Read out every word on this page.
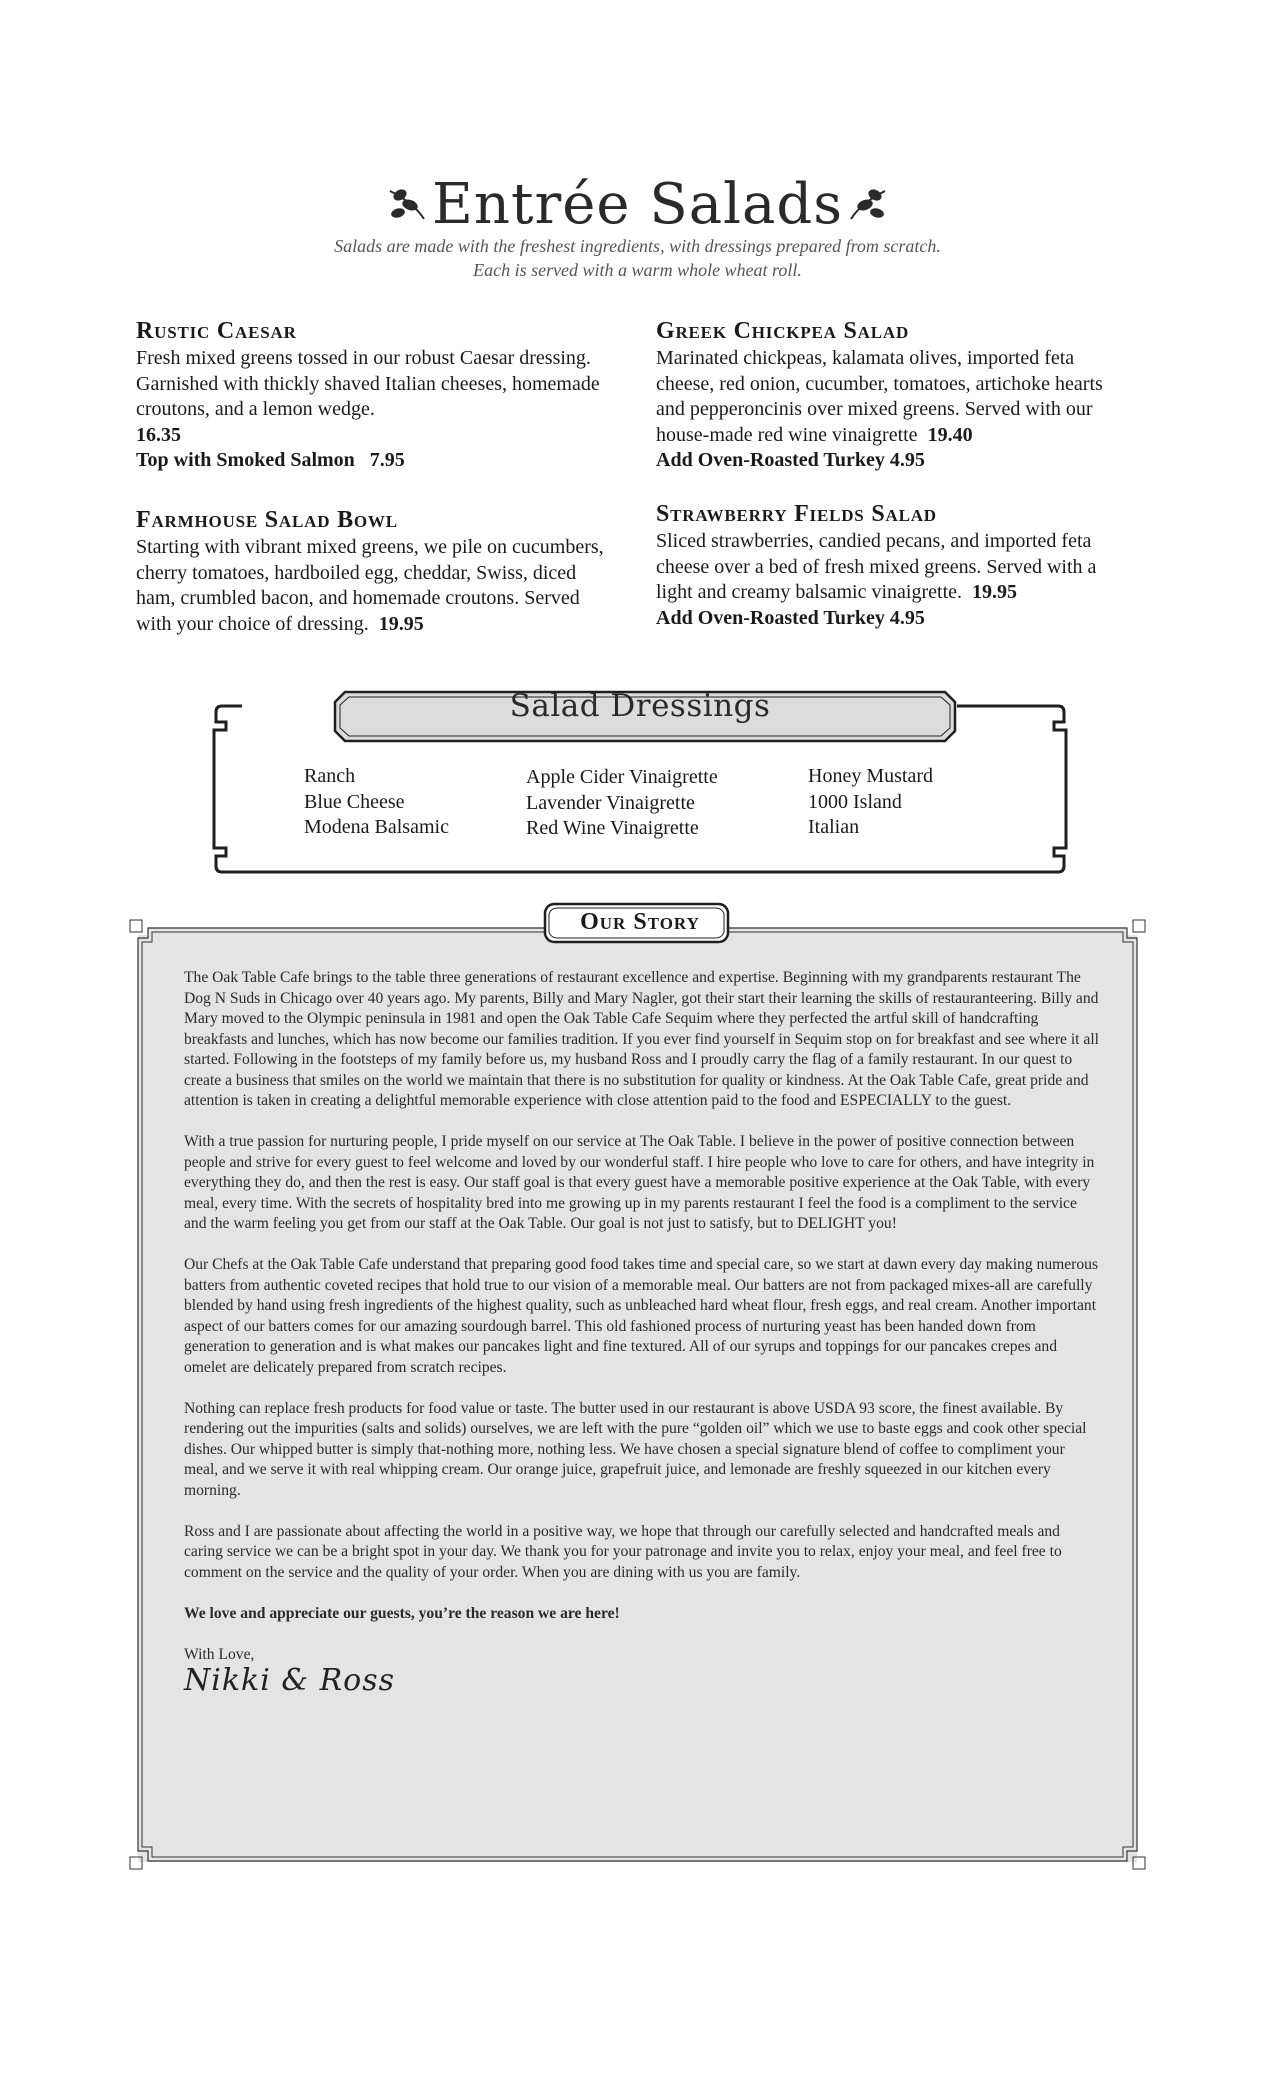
Entrée Salads
Salads are made with the freshest ingredients, with dressings prepared from scratch.
Each is served with a warm whole wheat roll.
Rustic Caesar
Fresh mixed greens tossed in our robust Caesar dressing. Garnished with thickly shaved Italian cheeses, homemade croutons, and a lemon wedge.
16.35
Top with Smoked Salmon   7.95
Farmhouse Salad Bowl
Starting with vibrant mixed greens, we pile on cucumbers, cherry tomatoes, hardboiled egg, cheddar, Swiss, diced ham, crumbled bacon, and homemade croutons. Served with your choice of dressing. 19.95
Greek Chickpea Salad
Marinated chickpeas, kalamata olives, imported feta cheese, red onion, cucumber, tomatoes, artichoke hearts and pepperoncinis over mixed greens. Served with our house-made red wine vinaigrette 19.40
Add Oven-Roasted Turkey 4.95
Strawberry Fields Salad
Sliced strawberries, candied pecans, and imported feta cheese over a bed of fresh mixed greens. Served with a light and creamy balsamic vinaigrette. 19.95
Add Oven-Roasted Turkey 4.95
Salad Dressings
Ranch
Blue Cheese
Modena Balsamic
Apple Cider Vinaigrette
Lavender Vinaigrette
Red Wine Vinaigrette
Honey Mustard
1000 Island
Italian
Our Story

The Oak Table Cafe brings to the table three generations of restaurant excellence and expertise. Beginning with my grandparents restaurant The Dog N Suds in Chicago over 40 years ago. My parents, Billy and Mary Nagler, got their start their learning the skills of restauranteering. Billy and Mary moved to the Olympic peninsula in 1981 and open the Oak Table Cafe Sequim where they perfected the artful skill of handcrafting breakfasts and lunches, which has now become our families tradition. If you ever find yourself in Sequim stop on for breakfast and see where it all started. Following in the footsteps of my family before us, my husband Ross and I proudly carry the flag of a family restaurant. In our quest to create a business that smiles on the world we maintain that there is no substitution for quality or kindness. At the Oak Table Cafe, great pride and attention is taken in creating a delightful memorable experience with close attention paid to the food and ESPECIALLY to the guest.

With a true passion for nurturing people, I pride myself on our service at The Oak Table. I believe in the power of positive connection between people and strive for every guest to feel welcome and loved by our wonderful staff. I hire people who love to care for others, and have integrity in everything they do, and then the rest is easy. Our staff goal is that every guest have a memorable positive experience at the Oak Table, with every meal, every time. With the secrets of hospitality bred into me growing up in my parents restaurant I feel the food is a compliment to the service and the warm feeling you get from our staff at the Oak Table. Our goal is not just to satisfy, but to DELIGHT you!

Our Chefs at the Oak Table Cafe understand that preparing good food takes time and special care, so we start at dawn every day making numerous batters from authentic coveted recipes that hold true to our vision of a memorable meal. Our batters are not from packaged mixes-all are carefully blended by hand using fresh ingredients of the highest quality, such as unbleached hard wheat flour, fresh eggs, and real cream. Another important aspect of our batters comes for our amazing sourdough barrel. This old fashioned process of nurturing yeast has been handed down from generation to generation and is what makes our pancakes light and fine textured. All of our syrups and toppings for our pancakes crepes and omelet are delicately prepared from scratch recipes.

Nothing can replace fresh products for food value or taste. The butter used in our restaurant is above USDA 93 score, the finest available. By rendering out the impurities (salts and solids) ourselves, we are left with the pure “golden oil” which we use to baste eggs and cook other special dishes. Our whipped butter is simply that-nothing more, nothing less. We have chosen a special signature blend of coffee to compliment your meal, and we serve it with real whipping cream. Our orange juice, grapefruit juice, and lemonade are freshly squeezed in our kitchen every morning.

Ross and I are passionate about affecting the world in a positive way, we hope that through our carefully selected and handcrafted meals and caring service we can be a bright spot in your day. We thank you for your patronage and invite you to relax, enjoy your meal, and feel free to comment on the service and the quality of your order. When you are dining with us you are family.

We love and appreciate our guests, you’re the reason we are here!

With Love,
Nikki & Ross
